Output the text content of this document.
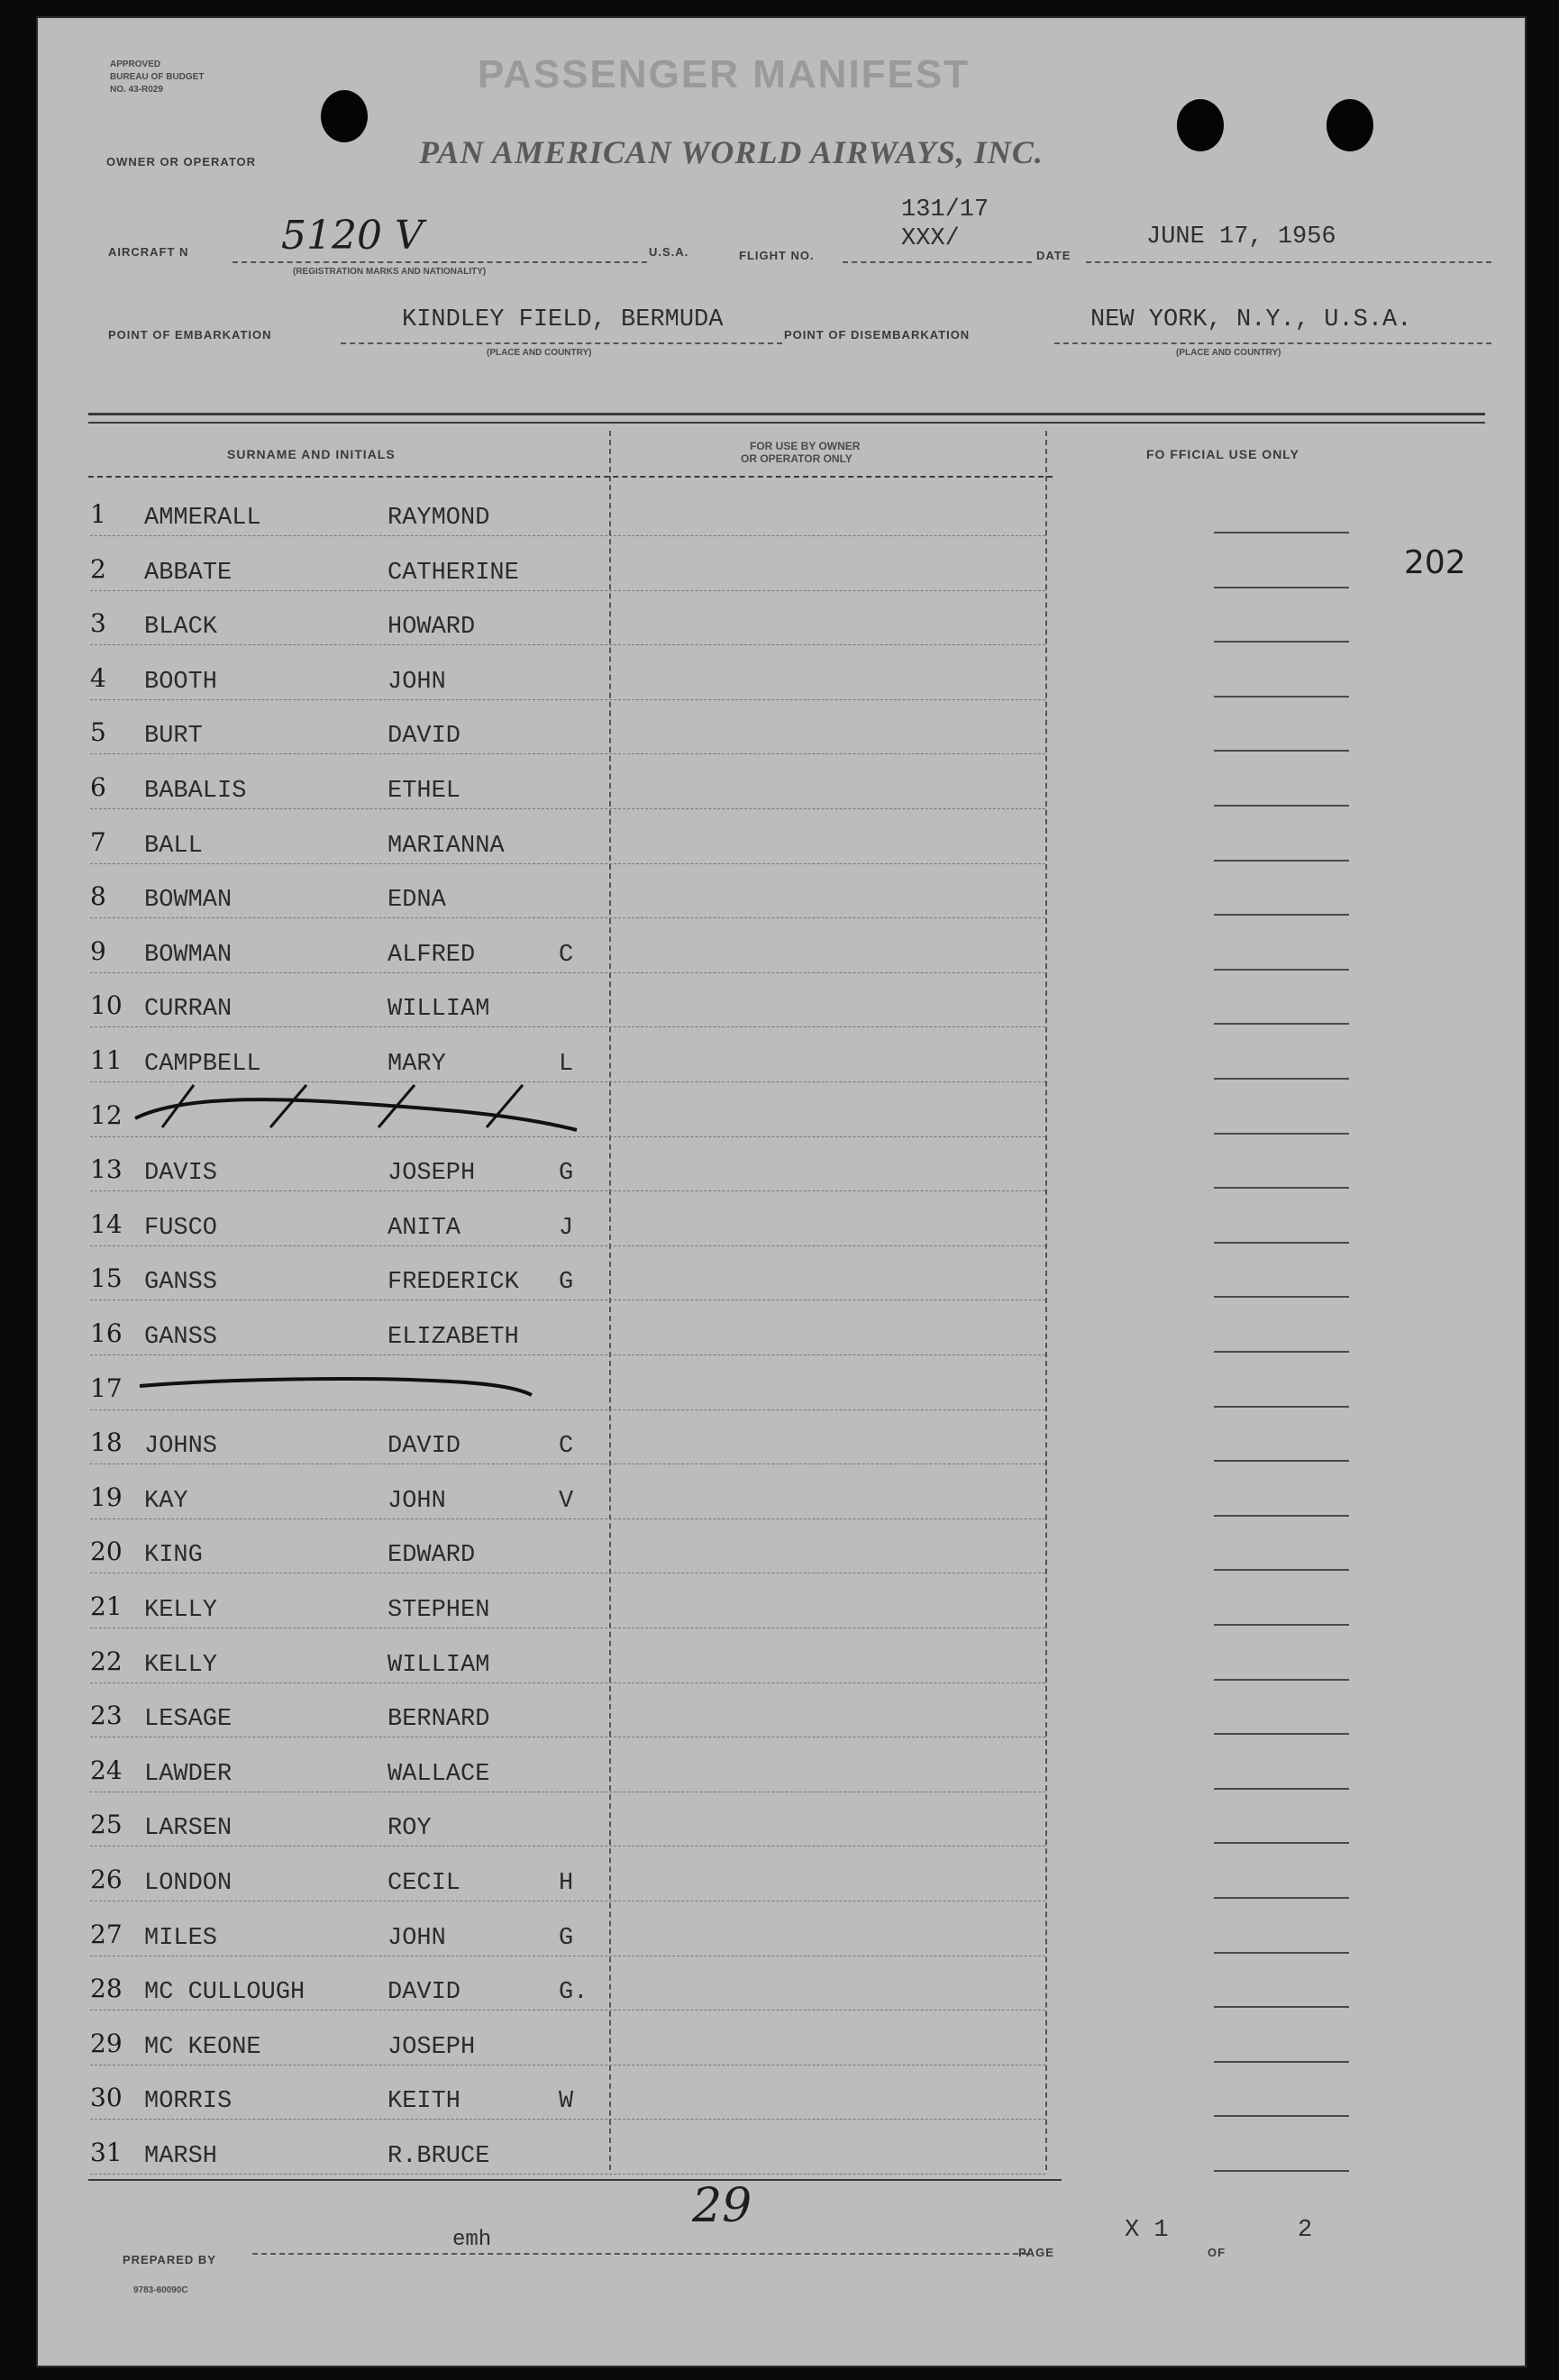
APPROVED
BUREAU OF BUDGET
NO. 43-R029	PASSENGER MANIFEST
OWNER OR OPERATOR	PAN AMERICAN WORLD AIRWAYS, INC.
AIRCRAFT N 5120 V
(REGISTRATION MARKS AND NATIONALITY)
U.S.A.	FLIGHT NO.
131/17
XXX/
DATE
JUNE 17, 1956
POINT OF EMBARKATION
KINDLEY FIELD, BERMUDA
(PLACE AND COUNTRY)
POINT OF DISEMBARKATION
NEW YORK, N.Y., U.S.A.
(PLACE AND COUNTRY)
SURNAME AND INITIALS
FOR USE BY OWNER
OR OPERATOR ONLY	FO FFICIAL USE ONLY
202
1 AMMERALL	RAYMOND
2 ABBATE	CATHERINE
3 BLACK	HOWARD
4 BOOTH	JOHN
5 BURT	DAVID
6 BABALIS	ETHEL
7 BALL	MARIANNA
8 BOWMAN	EDNA
9 BOWMAN	ALFRED	C
10 CURRAN	WILLIAM
11 CAMPBELL	MARY	L
12
13 DAVIS	JOSEPH	G
14 FUSCO	ANITA	J
15 GANSS	FREDERICK G
16 GANSS	ELIZABETH
17
18 JOHNS	DAVID	C
19 KAY	JOHN	V
20 KING	EDWARD
21 KELLY	STEPHEN
22 KELLY	WILLIAM
23 LESAGE	BERNARD
24 LAWDER	WALLACE
25 LARSEN	ROY
26 LONDON	CECIL	H
27 MILES	JOHN	G
28 MC CULLOUGH	DAVID	G.
29 MC KEONE	JOSEPH
30 MORRIS	KEITH	W
31 MARSH	R.BRUCE
PREPARED BY
emh
29
PAGE
X 1
OF
2
9783-60090C
